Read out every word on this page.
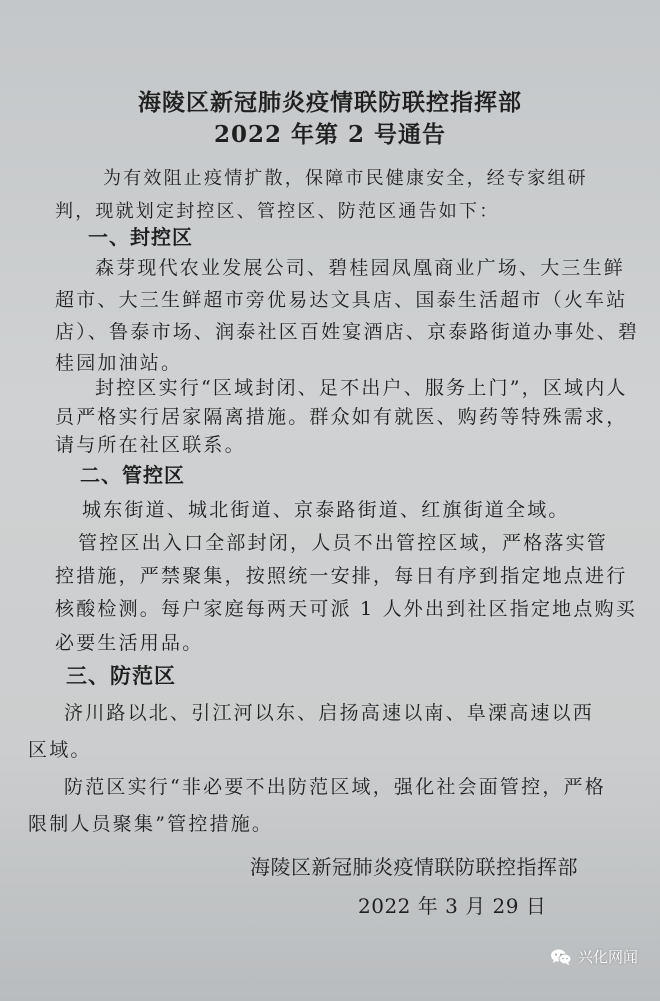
海陵区新冠肺炎疫情联防联控指挥部
2022 年第 2 号通告
为有效阻止疫情扩散，保障市民健康安全，经专家组研
判，现就划定封控区、管控区、防范区通告如下：
一、封控区
森芽现代农业发展公司、碧桂园凤凰商业广场、大三生鲜
超市、大三生鲜超市旁优易达文具店、国泰生活超市（火车站
店）、鲁泰市场、润泰社区百姓宴酒店、京泰路街道办事处、碧
桂园加油站。
封控区实行“区域封闭、足不出户、服务上门”，区域内人
员严格实行居家隔离措施。群众如有就医、购药等特殊需求，
请与所在社区联系。
二、管控区
城东街道、城北街道、京泰路街道、红旗街道全域。
管控区出入口全部封闭，人员不出管控区域，严格落实管
控措施，严禁聚集，按照统一安排，每日有序到指定地点进行
核酸检测。每户家庭每两天可派 1 人外出到社区指定地点购买
必要生活用品。
三、防范区
济川路以北、引江河以东、启扬高速以南、阜溧高速以西
区域。
防范区实行“非必要不出防范区域，强化社会面管控，严格
限制人员聚集”管控措施。
海陵区新冠肺炎疫情联防联控指挥部
2022 年 3 月 29 日
兴化网闻
